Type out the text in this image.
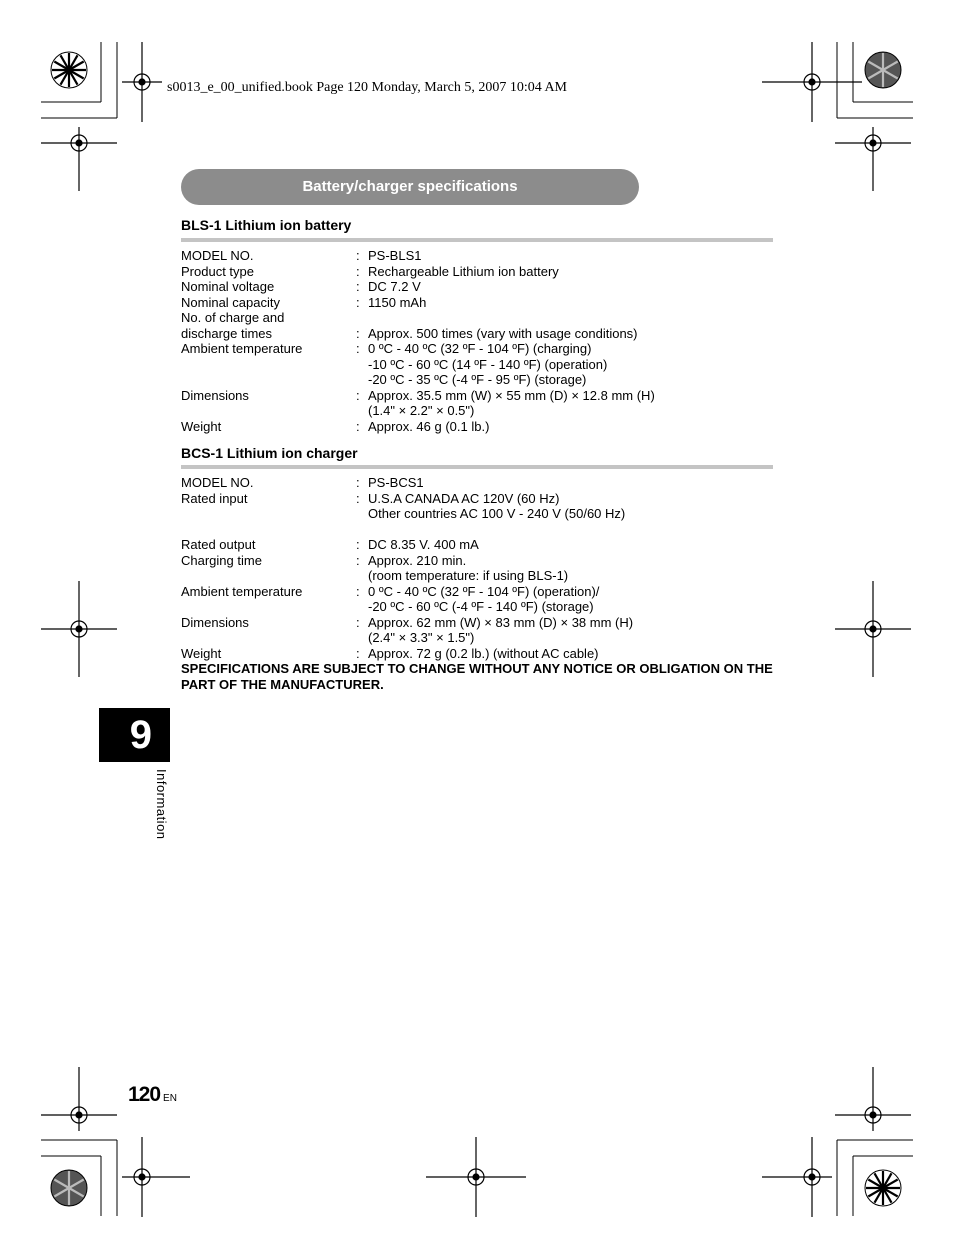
s0013_e_00_unified.book Page 120 Monday, March 5, 2007 10:04 AM
Battery/charger specifications
BLS-1 Lithium ion battery
MODEL NO.	: PS-BLS1
Product type	: Rechargeable Lithium ion battery
Nominal voltage	: DC 7.2 V
Nominal capacity	: 1150 mAh
No. of charge and

discharge times	: Approx. 500 times (vary with usage conditions)
Ambient temperature	: 0 ºC - 40 ºC (32 ºF - 104 ºF) (charging)

-10 ºC - 60 ºC (14 ºF - 140 ºF) (operation)

-20 ºC - 35 ºC (-4 ºF - 95 ºF) (storage)
Dimensions	: Approx. 35.5 mm (W) × 55 mm (D) × 12.8 mm (H)

(1.4" × 2.2" × 0.5")
Weight	: Approx. 46 g (0.1 lb.)
BCS-1 Lithium ion charger
MODEL NO.	: PS-BCS1
Rated input	: U.S.A CANADA AC 120V (60 Hz)

Other countries AC 100 V - 240 V (50/60 Hz)

Rated output	: DC 8.35 V. 400 mA
Charging time	: Approx. 210 min.

(room temperature: if using BLS-1)
Ambient temperature	: 0 ºC - 40 ºC (32 ºF - 104 ºF) (operation)/

-20 ºC - 60 ºC (-4 ºF - 140 ºF) (storage)
Dimensions	: Approx. 62 mm (W) × 83 mm (D) × 38 mm (H)

(2.4" × 3.3" × 1.5")
Weight	: Approx. 72 g (0.2 lb.) (without AC cable)
SPECIFICATIONS ARE SUBJECT TO CHANGE WITHOUT ANY NOTICE OR OBLIGATION ON THE PART OF THE MANUFACTURER.
9
Information
120 EN
